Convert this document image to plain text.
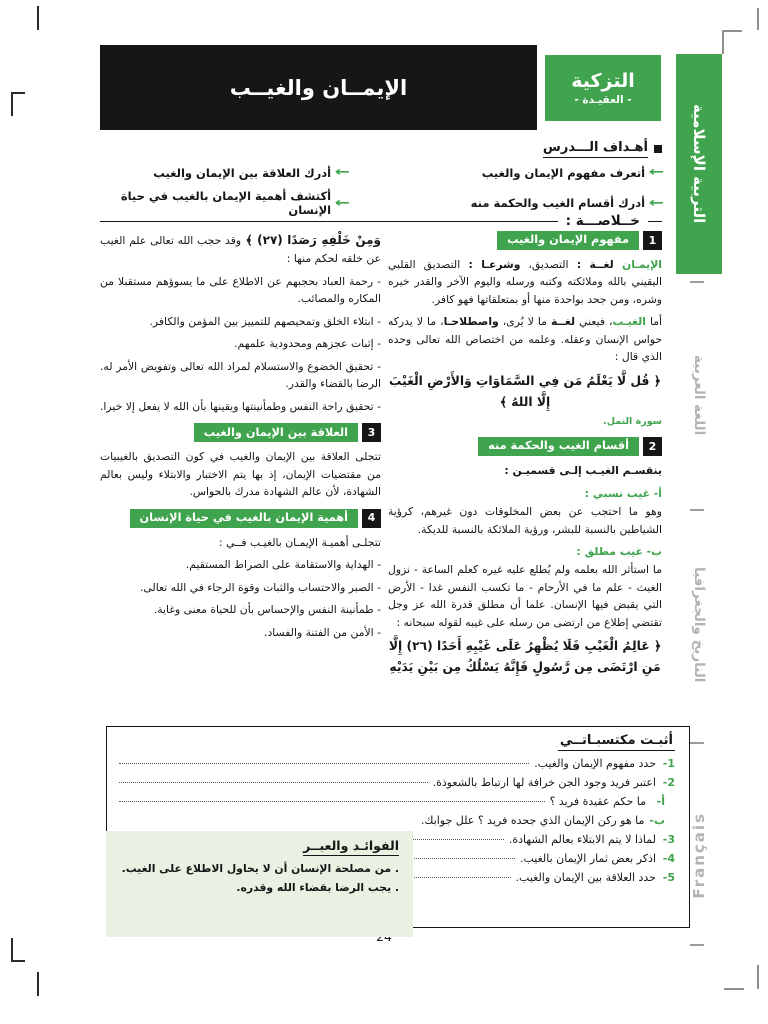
التربية الإسلامية
اللغة العربية
التاريخ والجغرافيا
Français
الإيمــان والغيــب	التزكية
- العقيـدة -
أهـداف الـــدرس
←
أتعرف مفهوم الإيمان والغيب
←
أدرك أقسام الغيب والحكمة منه
←
أدرك العلاقة بين الإيمان والغيب
←
أكتشف أهمية الإيمان بالغيب في حياة الإنسان
خــلاصـــة :
1
مفهوم الإيمان والغيب

الإيمـان لغــة : التصديق، وشرعـا : التصديق القلبي اليقيني بالله وملائكته وكتبه ورسله واليوم الآخر والقدر خيره وشره، ومن جحد بواحدة منها أو بمتعلقاتها فهو كافر.

أما الغيـب، فيعني لغــة ما لا يُرى، واصطلاحـا، ما لا يدركه حواس الإنسان وعقله. وعلمه من اختصاص الله تعالى وحده الذي قال :

﴿ قُل لَّا يَعْلَمُ مَن فِي السَّمَاوَاتِ وَالأَرْضِ الْغَيْبَ إِلَّا اللهُ ﴾
سورة النمل.
2
أقسام الغيب والحكمة منه

ينقسـم الغيـب إلـى قسميـن :

أ- غيب نسبي :

وهو ما احتجب عن بعض المخلوقات دون غيرهم، كرؤية الشياطين بالنسبة للبشر، ورؤية الملائكة بالنسبة للديكة.

ب- غيب مطلق :

ما استأثر الله بعلمه ولم يُطلع عليه غيره كعلم الساعة - نزول الغيث - علم ما في الأرحام - ما تكسب النفس غدا - الأرض التي يقبض فيها الإنسان. علما أن مطلق قدرة الله عز وجل تقتضي إطلاع من ارتضى من رسله على غيبه لقوله سبحانه :

﴿ عَالِمُ الْغَيْبِ فَلَا يُظْهِرُ عَلَى غَيْبِهِ أَحَدًا (٢٦) إِلَّا مَنِ ارْتَضَى مِن رَّسُولٍ فَإِنَّهُ يَسْلُكُ مِن بَيْنِ يَدَيْهِ

وَمِنْ خَلْفِهِ رَصَدًا (٢٧) ﴾ وقد حجب الله تعالى علم الغيب عن خلقه لحكم منها :

- رحمة العباد بحجبهم عن الاطلاع على ما يسوؤهم مستقبلا من المكاره والمصائب.

- ابتلاء الخلق وتمحيصهم للتمييز بين المؤمن والكافر.

- إثبات عجزهم ومحدودية علمهم.

- تحقيق الخضوع والاستسلام لمراد الله تعالى وتفويض الأمر له. الرضا بالقضاء والقدر.

- تحقيق راحة النفس وطمأنينتها ويقينها بأن الله لا يفعل إلا خيرا.

3
العلاقة بين الإيمان والغيب

تتجلى العلاقة بين الإيمان والغيب في كون التصديق بالغيبيات من مقتضيات الإيمان، إذ بها يتم الاختبار والابتلاء وليس بعالم الشهادة، لأن عالم الشهادة مدرك بالحواس.

4
أهمية الإيمان بالغيب في حياة الإنسان

تتجلـى أهميـة الإيمـان بالغيـب فــي :

- الهداية والاستقامة على الصراط المستقيم.

- الصبر والاحتساب والثبات وقوة الرجاء في الله تعالى.

- طمأنينة النفس والإحساس بأن للحياة معنى وغاية.

- الأمن من الفتنة والفساد.

أثبـت مكتسبـاتــي
1-
حدد مفهوم الإيمان والغيب.
2-
اعتبر فريد وجود الجن خرافة لها ارتباط بالشعوذة.
أ-
ما حكم عقيدة فريد ؟
ب-
ما هو ركن الإيمان الذي جحده فريد ؟ علل جوابك.
3-
لماذا لا يتم الابتلاء بعالم الشهادة.
4-
اذكر بعض ثمار الإيمان بالغيب.
5-
حدد العلاقة بين الإيمان والغيب.
الفوائـد والعبــر
. من مصلحة الإنسان أن لا يحاول الاطلاع على الغيب.
. يجب الرضا بقضاء الله وقدره.
